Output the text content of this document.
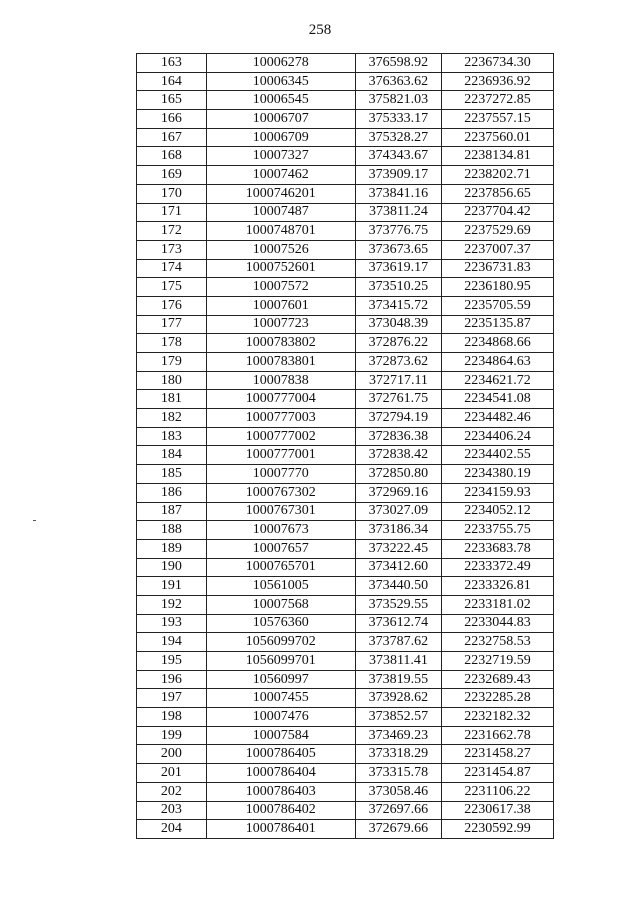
258
163	10006278	376598.92	2236734.30
164	10006345	376363.62	2236936.92
165	10006545	375821.03	2237272.85
166	10006707	375333.17	2237557.15
167	10006709	375328.27	2237560.01
168	10007327	374343.67	2238134.81
169	10007462	373909.17	2238202.71
170	1000746201	373841.16	2237856.65
171	10007487	373811.24	2237704.42
172	1000748701	373776.75	2237529.69
173	10007526	373673.65	2237007.37
174	1000752601	373619.17	2236731.83
175	10007572	373510.25	2236180.95
176	10007601	373415.72	2235705.59
177	10007723	373048.39	2235135.87
178	1000783802	372876.22	2234868.66
179	1000783801	372873.62	2234864.63
180	10007838	372717.11	2234621.72
181	1000777004	372761.75	2234541.08
182	1000777003	372794.19	2234482.46
183	1000777002	372836.38	2234406.24
184	1000777001	372838.42	2234402.55
185	10007770	372850.80	2234380.19
186	1000767302	372969.16	2234159.93
187	1000767301	373027.09	2234052.12
188	10007673	373186.34	2233755.75
189	10007657	373222.45	2233683.78
190	1000765701	373412.60	2233372.49
191	10561005	373440.50	2233326.81
192	10007568	373529.55	2233181.02
193	10576360	373612.74	2233044.83
194	1056099702	373787.62	2232758.53
195	1056099701	373811.41	2232719.59
196	10560997	373819.55	2232689.43
197	10007455	373928.62	2232285.28
198	10007476	373852.57	2232182.32
199	10007584	373469.23	2231662.78
200	1000786405	373318.29	2231458.27
201	1000786404	373315.78	2231454.87
202	1000786403	373058.46	2231106.22
203	1000786402	372697.66	2230617.38
204	1000786401	372679.66	2230592.99
